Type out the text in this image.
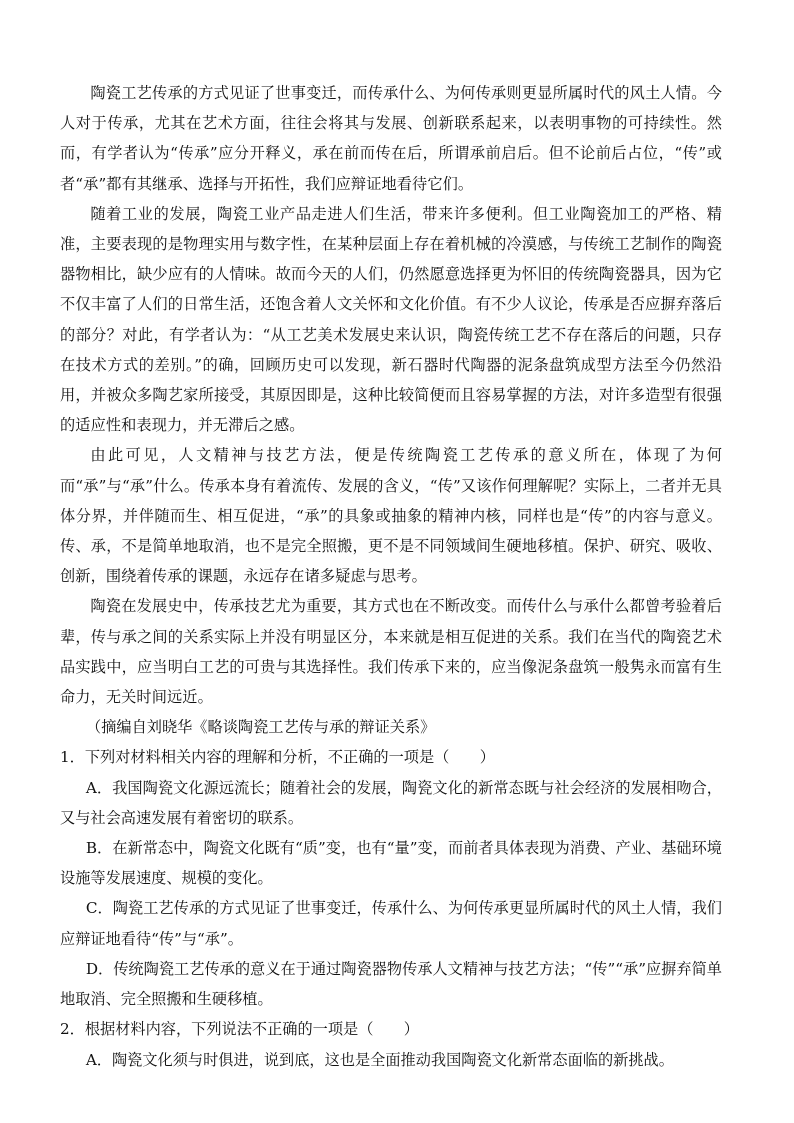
陶瓷工艺传承的方式见证了世事变迁，而传承什么、为何传承则更显所属时代的风土人情。今人对于传承，尤其在艺术方面，往往会将其与发展、创新联系起来，以表明事物的可持续性。然而，有学者认为“传承”应分开释义，承在前而传在后，所谓承前启后。但不论前后占位，“传”或者“承”都有其继承、选择与开拓性，我们应辩证地看待它们。

随着工业的发展，陶瓷工业产品走进人们生活，带来许多便利。但工业陶瓷加工的严格、精准，主要表现的是物理实用与数字性，在某种层面上存在着机械的冷漠感，与传统工艺制作的陶瓷器物相比，缺少应有的人情味。故而今天的人们，仍然愿意选择更为怀旧的传统陶瓷器具，因为它不仅丰富了人们的日常生活，还饱含着人文关怀和文化价值。有不少人议论，传承是否应摒弃落后的部分？对此，有学者认为：“从工艺美术发展史来认识，陶瓷传统工艺不存在落后的问题，只存在技术方式的差别。”的确，回顾历史可以发现，新石器时代陶器的泥条盘筑成型方法至今仍然沿用，并被众多陶艺家所接受，其原因即是，这种比较简便而且容易掌握的方法，对许多造型有很强的适应性和表现力，并无滞后之感。

由此可见，人文精神与技艺方法，便是传统陶瓷工艺传承的意义所在，体现了为何而“承”与“承”什么。传承本身有着流传、发展的含义，“传”又该作何理解呢？实际上，二者并无具体分界，并伴随而生、相互促进，“承”的具象或抽象的精神内核，同样也是“传”的内容与意义。传、承，不是简单地取消，也不是完全照搬，更不是不同领域间生硬地移植。保护、研究、吸收、创新，围绕着传承的课题，永远存在诸多疑虑与思考。

陶瓷在发展史中，传承技艺尤为重要，其方式也在不断改变。而传什么与承什么都曾考验着后辈，传与承之间的关系实际上并没有明显区分，本来就是相互促进的关系。我们在当代的陶瓷艺术品实践中，应当明白工艺的可贵与其选择性。我们传承下来的，应当像泥条盘筑一般隽永而富有生命力，无关时间远近。

（摘编自刘晓华《略谈陶瓷工艺传与承的辩证关系》

1．下列对材料相关内容的理解和分析，不正确的一项是（　　）

A．我国陶瓷文化源远流长；随着社会的发展，陶瓷文化的新常态既与社会经济的发展相吻合，又与社会高速发展有着密切的联系。

B．在新常态中，陶瓷文化既有“质”变，也有“量”变，而前者具体表现为消费、产业、基础环境设施等发展速度、规模的变化。

C．陶瓷工艺传承的方式见证了世事变迁，传承什么、为何传承更显所属时代的风土人情，我们应辩证地看待“传”与“承”。

D．传统陶瓷工艺传承的意义在于通过陶瓷器物传承人文精神与技艺方法；“传”“承”应摒弃简单地取消、完全照搬和生硬移植。

2．根据材料内容，下列说法不正确的一项是（　　）

A．陶瓷文化须与时俱进，说到底，这也是全面推动我国陶瓷文化新常态面临的新挑战。
